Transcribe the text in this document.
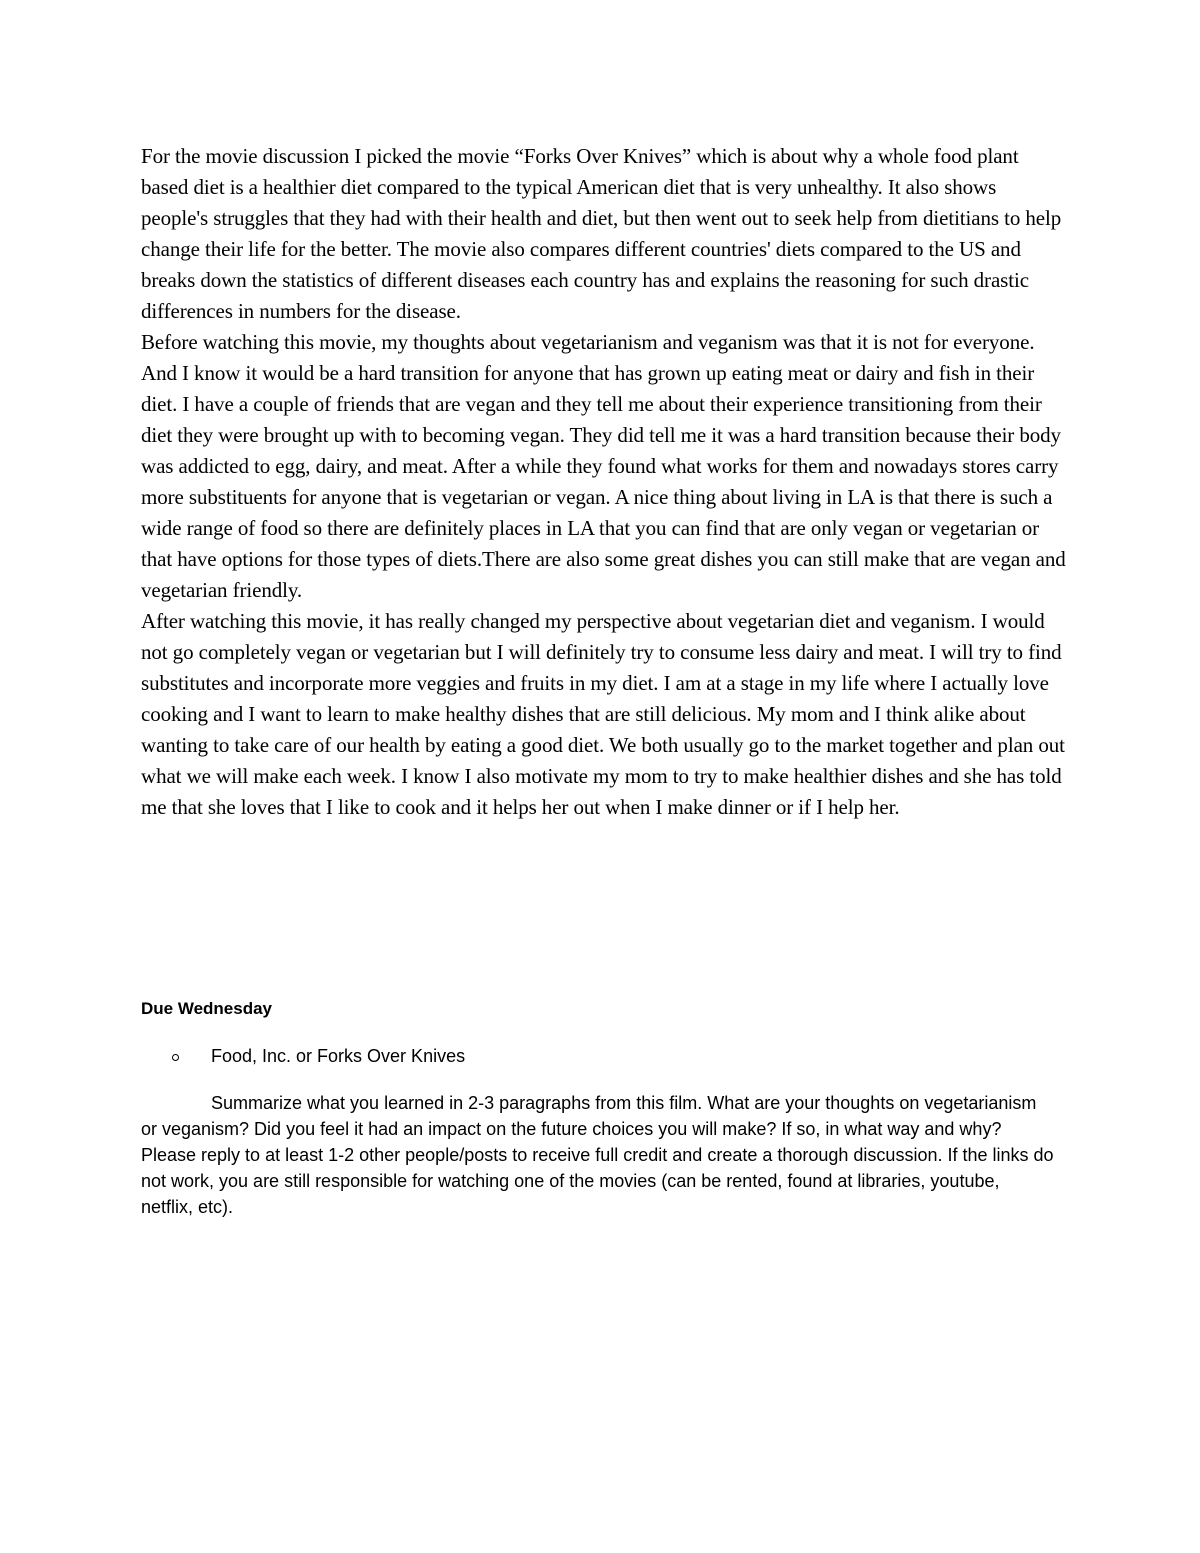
For the movie discussion I picked the movie “Forks Over Knives” which is about why a whole food plant based diet is a healthier diet compared to the typical American diet that is very unhealthy. It also shows people's struggles that they had with their health and diet, but then went out to seek help from dietitians to help change their life for the better. The movie also compares different countries' diets compared to the US and breaks down the statistics of different diseases each country has and explains the reasoning for such drastic differences in numbers for the disease.

Before watching this movie, my thoughts about vegetarianism and veganism was that it is not for everyone. And I know it would be a hard transition for anyone that has grown up eating meat or dairy and fish in their diet. I have a couple of friends that are vegan and they tell me about their experience transitioning from their diet they were brought up with to becoming vegan. They did tell me it was a hard transition because their body was addicted to egg, dairy, and meat. After a while they found what works for them and nowadays stores carry more substituents for anyone that is vegetarian or vegan. A nice thing about living in LA is that there is such a wide range of food so there are definitely places in LA that you can find that are only vegan or vegetarian or that have options for those types of diets.There are also some great dishes you can still make that are vegan and vegetarian friendly.

After watching this movie, it has really changed my perspective about vegetarian diet and veganism. I would not go completely vegan or vegetarian but I will definitely try to consume less dairy and meat. I will try to find substitutes and incorporate more veggies and fruits in my diet. I am at a stage in my life where I actually love cooking and I want to learn to make healthy dishes that are still delicious. My mom and I think alike about wanting to take care of our health by eating a good diet. We both usually go to the market together and plan out what we will make each week. I know I also motivate my mom to try to make healthier dishes and she has told me that she loves that I like to cook and it helps her out when I make dinner or if I help her.

Due Wednesday
Food, Inc. or Forks Over Knives

Summarize what you learned in 2-3 paragraphs from this film. What are your thoughts on vegetarianism or veganism? Did you feel it had an impact on the future choices you will make? If so, in what way and why? Please reply to at least 1-2 other people/posts to receive full credit and create a thorough discussion. If the links do not work, you are still responsible for watching one of the movies (can be rented, found at libraries, youtube, netflix, etc).
